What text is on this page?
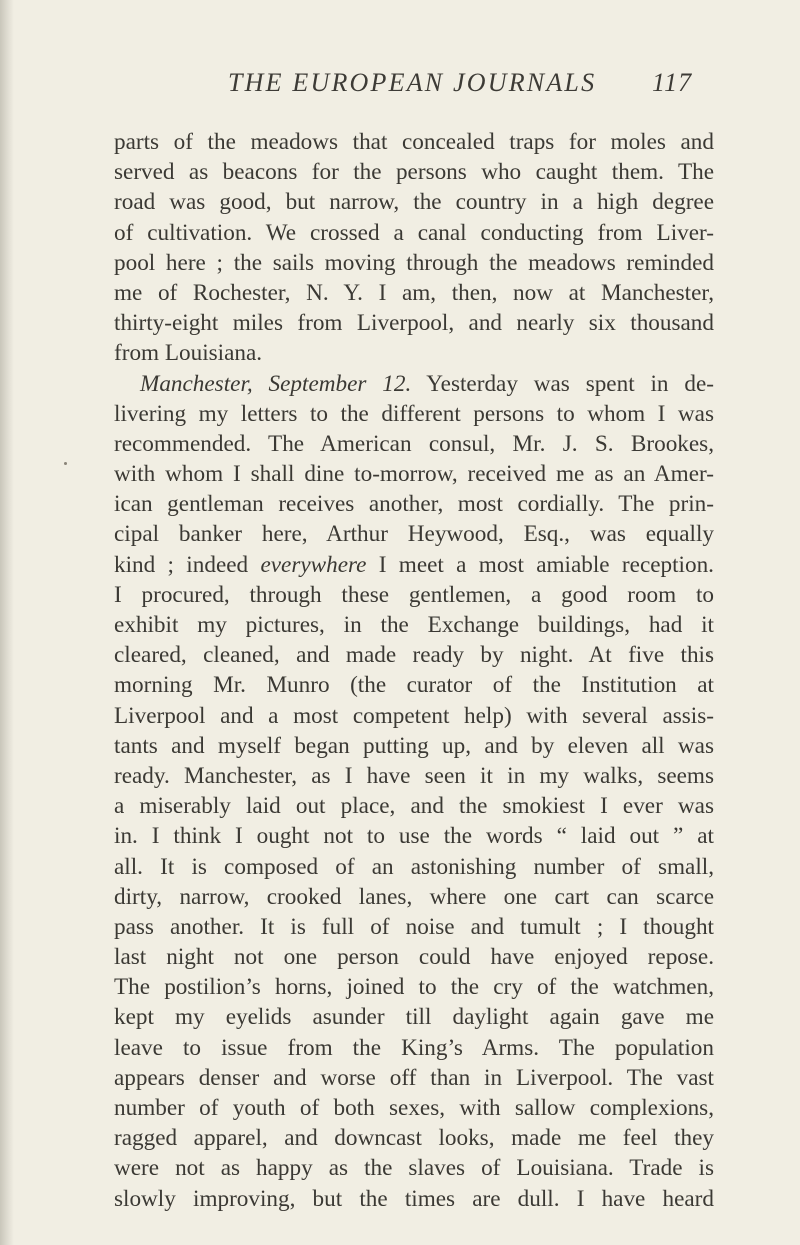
THE EUROPEAN JOURNALS 117
parts of the meadows that concealed traps for moles and
served as beacons for the persons who caught them. The
road was good, but narrow, the country in a high degree
of cultivation. We crossed a canal conducting from Liver-
pool here ; the sails moving through the meadows reminded
me of Rochester, N. Y. I am, then, now at Manchester,
thirty-eight miles from Liverpool, and nearly six thousand
from Louisiana.
Manchester, September 12. Yesterday was spent in de-
livering my letters to the different persons to whom I was
recommended. The American consul, Mr. J. S. Brookes,
with whom I shall dine to-morrow, received me as an Amer-
ican gentleman receives another, most cordially. The prin-
cipal banker here, Arthur Heywood, Esq., was equally
kind ; indeed everywhere I meet a most amiable reception.
I procured, through these gentlemen, a good room to
exhibit my pictures, in the Exchange buildings, had it
cleared, cleaned, and made ready by night. At five this
morning Mr. Munro (the curator of the Institution at
Liverpool and a most competent help) with several assis-
tants and myself began putting up, and by eleven all was
ready. Manchester, as I have seen it in my walks, seems
a miserably laid out place, and the smokiest I ever was
in. I think I ought not to use the words “ laid out ” at
all. It is composed of an astonishing number of small,
dirty, narrow, crooked lanes, where one cart can scarce
pass another. It is full of noise and tumult ; I thought
last night not one person could have enjoyed repose.
The postilion’s horns, joined to the cry of the watchmen,
kept my eyelids asunder till daylight again gave me
leave to issue from the King’s Arms. The population
appears denser and worse off than in Liverpool. The vast
number of youth of both sexes, with sallow complexions,
ragged apparel, and downcast looks, made me feel they
were not as happy as the slaves of Louisiana. Trade is
slowly improving, but the times are dull. I have heard
